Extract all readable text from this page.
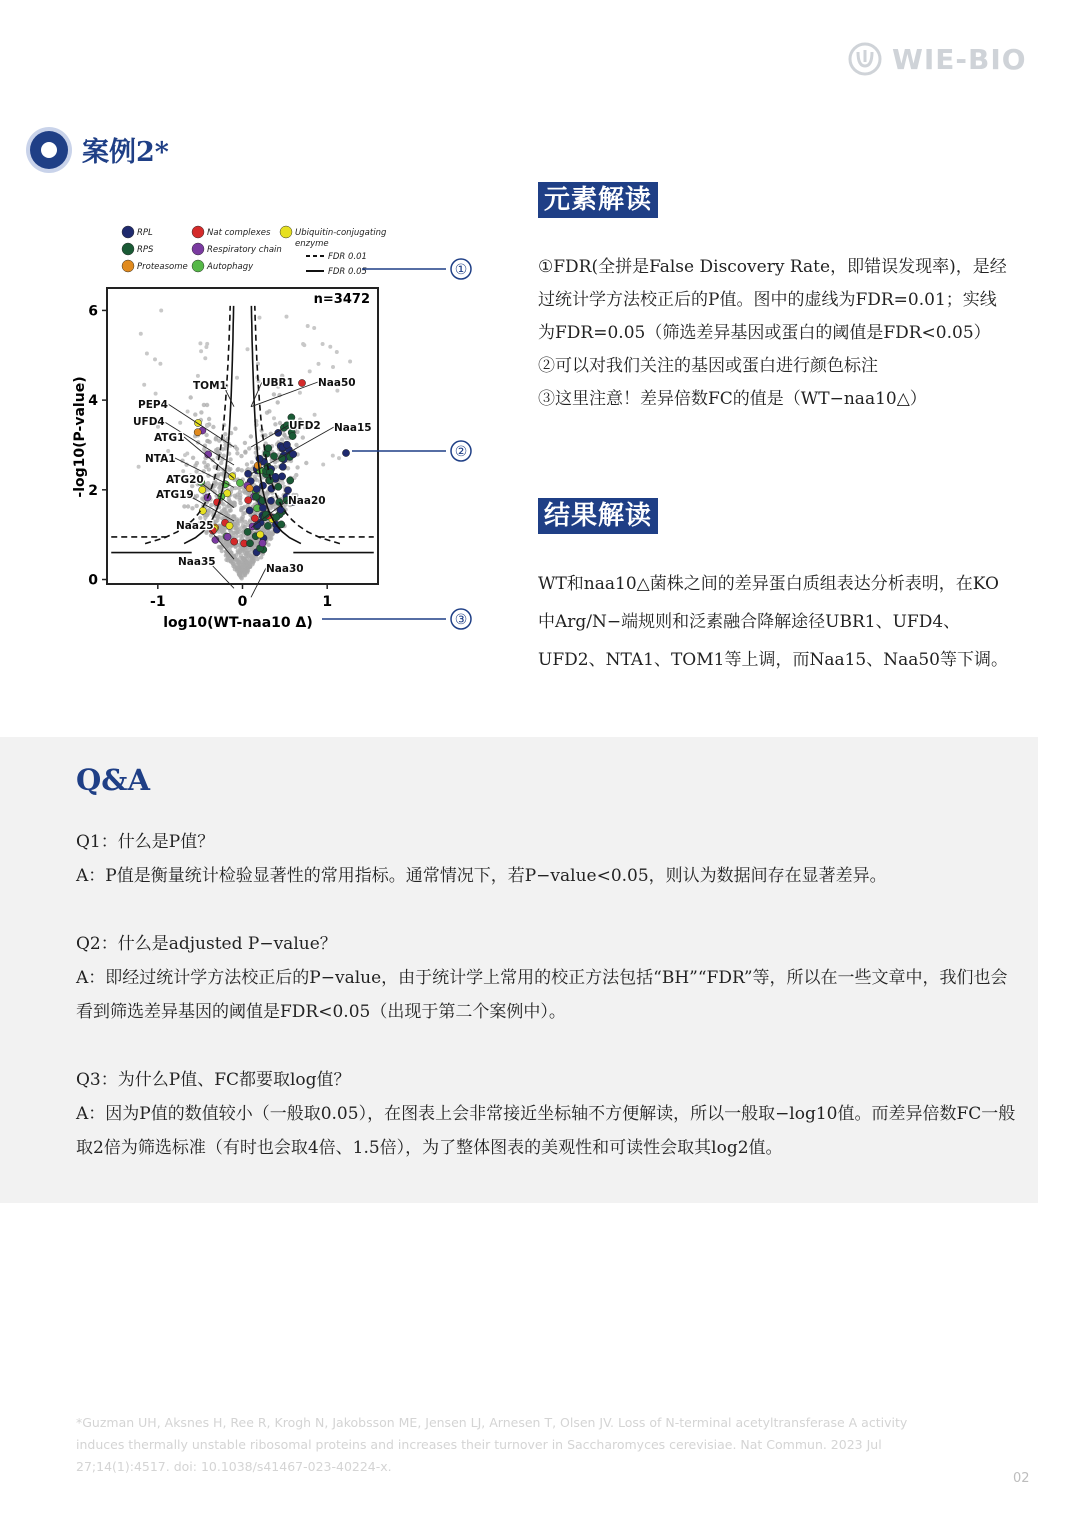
WIE-BIO
案例2*
RPL	Nat complexes	Ubiquitin-conjugating
enzyme
RPS	Respiratory chain
Proteasome Autophagy
FDR 0.01
FDR 0.05
TOM1	UBR1 Naa50
PEP4
UFD4	UFD2 Naa15
ATG1
NTA1
ATG20
ATG19	Naa20
Naa25
Naa35
Naa30
n=3472
0
2
4
6
-1	0	1
log10(WT-naa10 Δ)
-log10(P-value)
①
②
③
元素解读
①FDR(全拼是False Discovery Rate，即错误发现率)，是经过统计学方法校正后的P值。图中的虚线为FDR=0.01；实线为FDR=0.05（筛选差异基因或蛋白的阈值是FDR<0.05）
②可以对我们关注的基因或蛋白进行颜色标注
③这里注意！差异倍数FC的值是（WT−naa10△）
结果解读
WT和naa10△菌株之间的差异蛋白质组表达分析表明，在KO中Arg/N−端规则和泛素融合降解途径UBR1、UFD4、UFD2、NTA1、TOM1等上调，而Naa15、Naa50等下调。
Q&A
Q1：什么是P值？
A：P值是衡量统计检验显著性的常用指标。通常情况下，若P−value<0.05，则认为数据间存在显著差异。
Q2：什么是adjusted P−value？
A：即经过统计学方法校正后的P−value，由于统计学上常用的校正方法包括“BH”“FDR”等，所以在一些文章中，我们也会看到筛选差异基因的阈值是FDR<0.05（出现于第二个案例中）。
Q3：为什么P值、FC都要取log值？
A：因为P值的数值较小（一般取0.05），在图表上会非常接近坐标轴不方便解读，所以一般取−log10值。而差异倍数FC一般取2倍为筛选标准（有时也会取4倍、1.5倍），为了整体图表的美观性和可读性会取其log2值。
*Guzman UH, Aksnes H, Ree R, Krogh N, Jakobsson ME, Jensen LJ, Arnesen T, Olsen JV. Loss of N-terminal acetyltransferase A activity induces thermally unstable ribosomal proteins and increases their turnover in Saccharomyces cerevisiae. Nat Commun. 2023 Jul 27;14(1):4517. doi: 10.1038/s41467-023-40224-x.
02
